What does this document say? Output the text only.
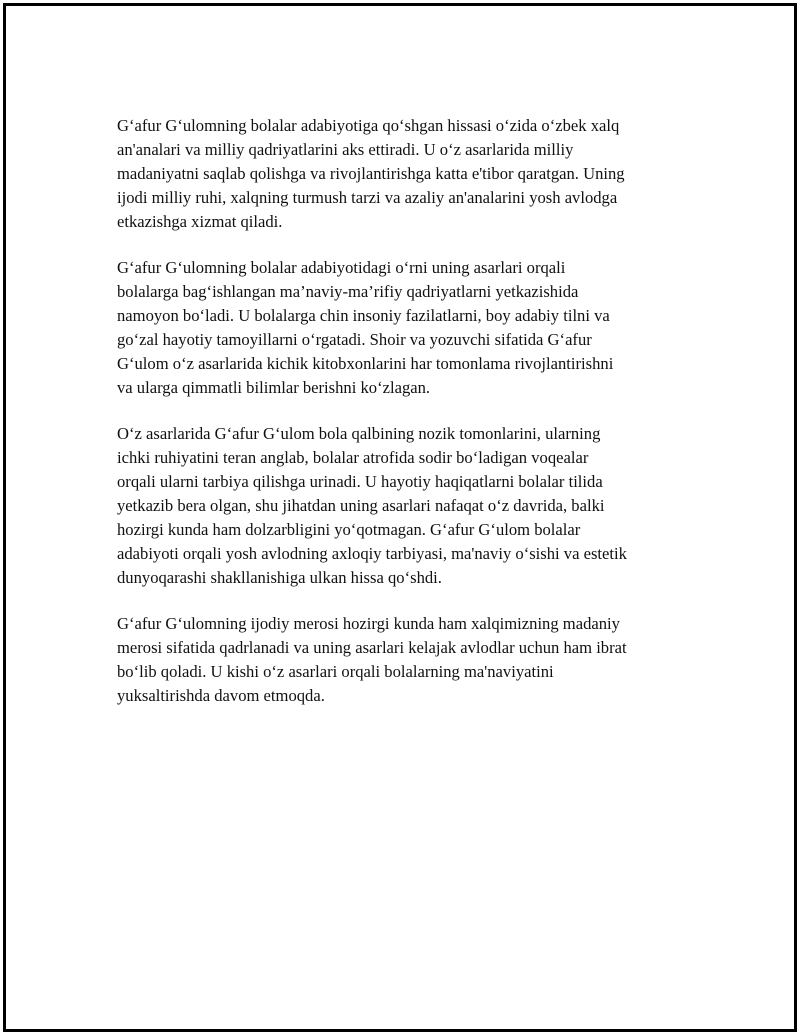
G‘afur G‘ulomning bolalar adabiyotiga qo‘shgan hissasi o‘zida o‘zbek xalq
an'analari va milliy qadriyatlarini aks ettiradi. U o‘z asarlarida milliy
madaniyatni saqlab qolishga va rivojlantirishga katta e'tibor qaratgan. Uning
ijodi milliy ruhi, xalqning turmush tarzi va azaliy an'analarini yosh avlodga
etkazishga xizmat qiladi.

G‘afur G‘ulomning bolalar adabiyotidagi o‘rni uning asarlari orqali
bolalarga bag‘ishlangan ma’naviy-ma’rifiy qadriyatlarni yetkazishida
namoyon bo‘ladi. U bolalarga chin insoniy fazilatlarni, boy adabiy tilni va
go‘zal hayotiy tamoyillarni o‘rgatadi. Shoir va yozuvchi sifatida G‘afur
G‘ulom o‘z asarlarida kichik kitobxonlarini har tomonlama rivojlantirishni
va ularga qimmatli bilimlar berishni ko‘zlagan.

O‘z asarlarida G‘afur G‘ulom bola qalbining nozik tomonlarini, ularning
ichki ruhiyatini teran anglab, bolalar atrofida sodir bo‘ladigan voqealar
orqali ularni tarbiya qilishga urinadi. U hayotiy haqiqatlarni bolalar tilida
yetkazib bera olgan, shu jihatdan uning asarlari nafaqat o‘z davrida, balki
hozirgi kunda ham dolzarbligini yo‘qotmagan. G‘afur G‘ulom bolalar
adabiyoti orqali yosh avlodning axloqiy tarbiyasi, ma'naviy o‘sishi va estetik
dunyoqarashi shakllanishiga ulkan hissa qo‘shdi.

G‘afur G‘ulomning ijodiy merosi hozirgi kunda ham xalqimizning madaniy
merosi sifatida qadrlanadi va uning asarlari kelajak avlodlar uchun ham ibrat
bo‘lib qoladi. U kishi o‘z asarlari orqali bolalarning ma'naviyatini
yuksaltirishda davom etmoqda.
